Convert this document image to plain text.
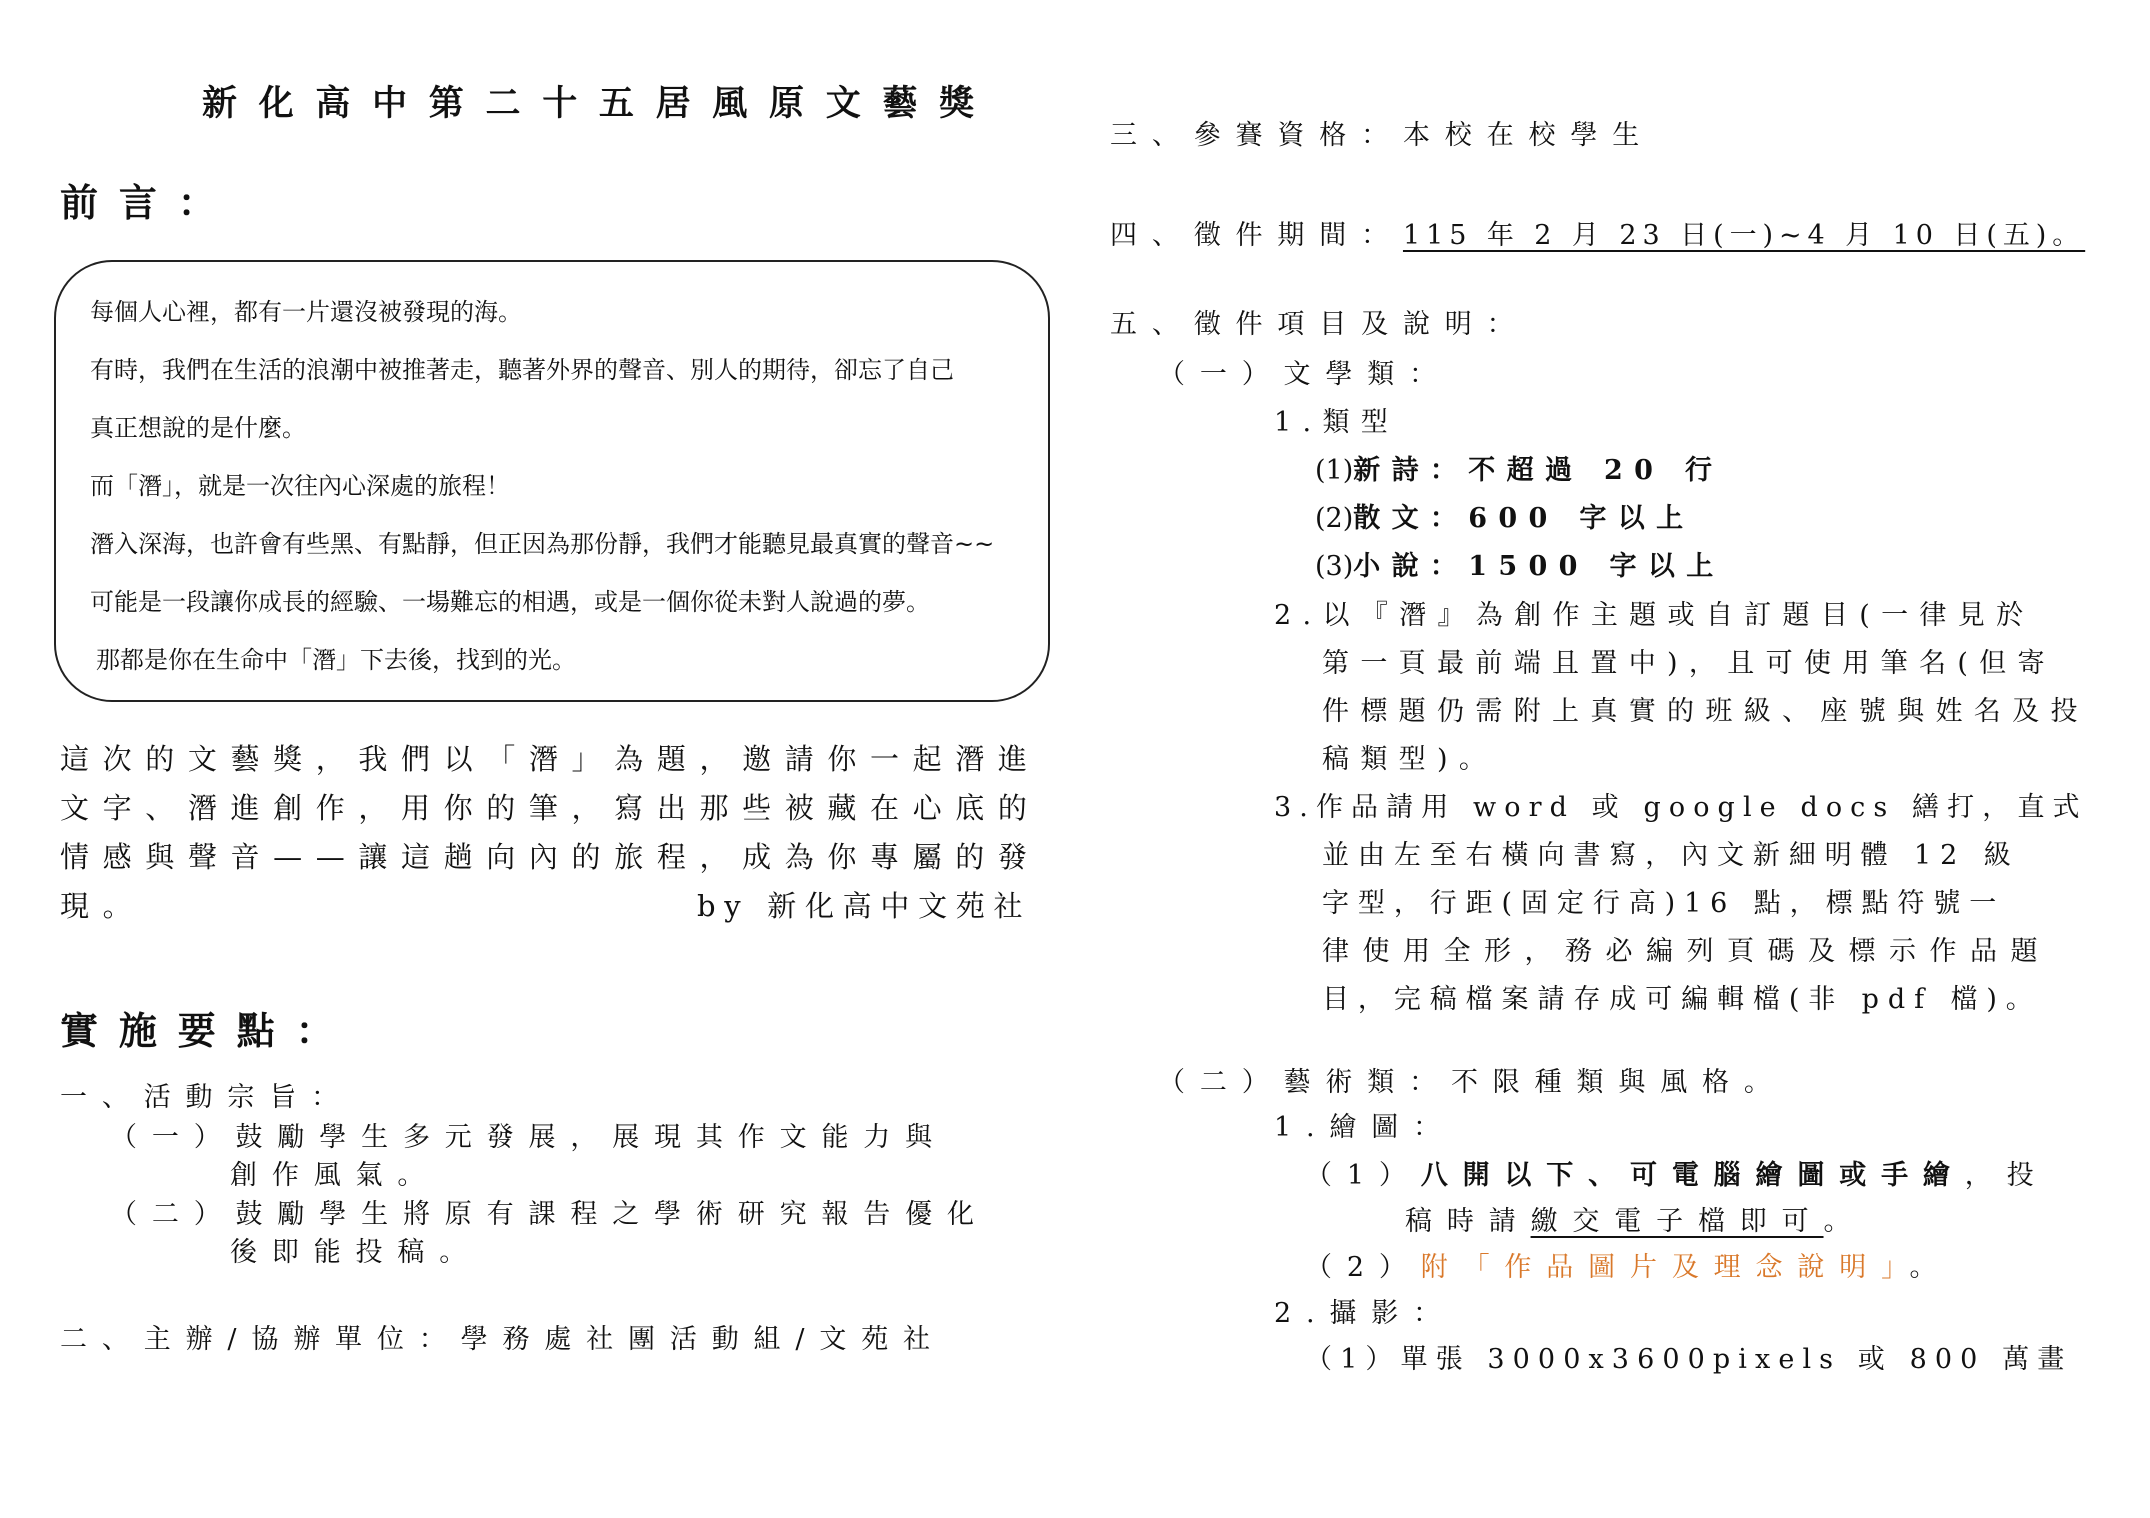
新化高中第二十五居風原文藝獎
前言：
每個人心裡，都有一片還沒被發現的海。
有時，我們在生活的浪潮中被推著走，聽著外界的聲音、別人的期待，卻忘了自己
真正想說的是什麼。
而「潛」，就是一次往內心深處的旅程！
潛入深海，也許會有些黑、有點靜，但正因為那份靜，我們才能聽見最真實的聲音~~
可能是一段讓你成長的經驗、一場難忘的相遇，或是一個你從未對人說過的夢。
那都是你在生命中「潛」下去後，找到的光。
這次的文藝獎，我們以「潛」為題，邀請你一起潛進
文字、潛進創作，用你的筆，寫出那些被藏在心底的
情感與聲音——讓這趟向內的旅程，成為你專屬的發
現。	by 新化高中文苑社
實施要點：
一、活動宗旨：
（一）鼓勵學生多元發展，展現其作文能力與
創作風氣。
（二）鼓勵學生將原有課程之學術研究報告優化
後即能投稿。
二、主辦/協辦單位：學務處社團活動組/文苑社
三、參賽資格：本校在校學生
四、徵件期間：115 年 2 月 23 日(一)~4 月 10 日(五)。
五、徵件項目及說明：
（一）文學類：
1.類型
(1)新詩：不超過 20 行
(2)散文：600 字以上
(3)小說：1500 字以上
2.以『潛』為創作主題或自訂題目(一律見於
第一頁最前端且置中)，且可使用筆名(但寄
件標題仍需附上真實的班級、座號與姓名及投
稿類型)。
3.作品請用 word 或 google docs 繕打，直式
並由左至右橫向書寫，內文新細明體 12 級
字型，行距(固定行高)16 點，標點符號一
律使用全形，務必編列頁碼及標示作品題
目，完稿檔案請存成可編輯檔(非 pdf 檔)。
（二）藝術類：不限種類與風格。
1.繪圖：
（1）八開以下、可電腦繪圖或手繪，投
稿時請繳交電子檔即可。
（2）附「作品圖片及理念說明」。
2.攝影：
（1）單張 3000x3600pixels 或 800 萬畫
